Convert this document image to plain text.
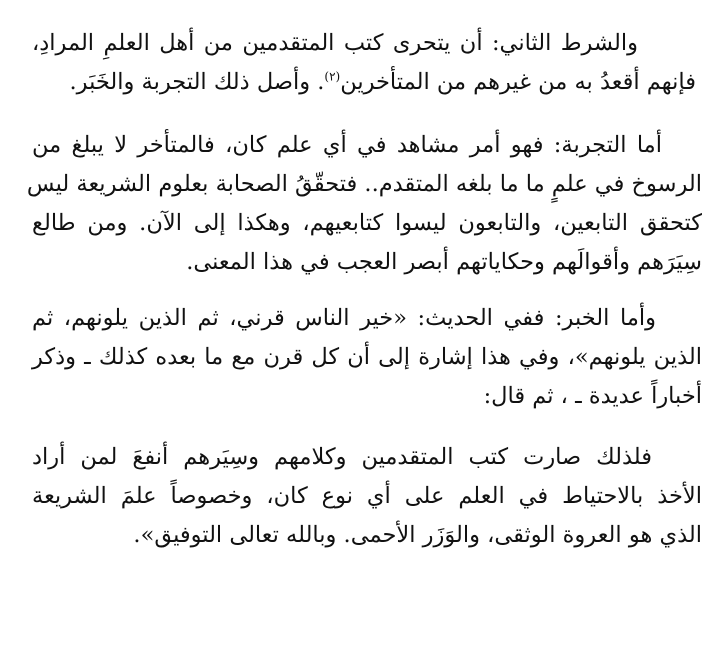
والشرط الثاني: أن يتحرى كتب المتقدمين من أهل العلمِ المرادِ،
فإنهم أقعدُ به من غيرهم من المتأخرين$^{(٢)}$. وأصل ذلك التجربة والخَبَر.

أما التجربة: فهو أمر مشاهد في أي علم كان، فالمتأخر لا يبلغ من
الرسوخ في علمٍ ما ما بلغه المتقدم.. فتحقّقُ الصحابة بعلوم الشريعة ليس
كتحقق التابعين، والتابعون ليسوا كتابعيهم، وهكذا إلى الآن. ومن طالع
سِيَرَهم وأقوالَهم وحكاياتهم أبصر العجب في هذا المعنى.

وأما الخبر: ففي الحديث: «خير الناس قرني، ثم الذين يلونهم، ثم
الذين يلونهم»، وفي هذا إشارة إلى أن كل قرن مع ما بعده كذلك ـ وذكر
أخباراً عديدة ـ ، ثم قال:

فلذلك صارت كتب المتقدمين وكلامهم وسِيَرهم أنفعَ لمن أراد
الأخذ بالاحتياط في العلم على أي نوع كان، وخصوصاً علمَ الشريعة
الذي هو العروة الوثقى، والوَزَر الأحمى. وبالله تعالى التوفيق».
